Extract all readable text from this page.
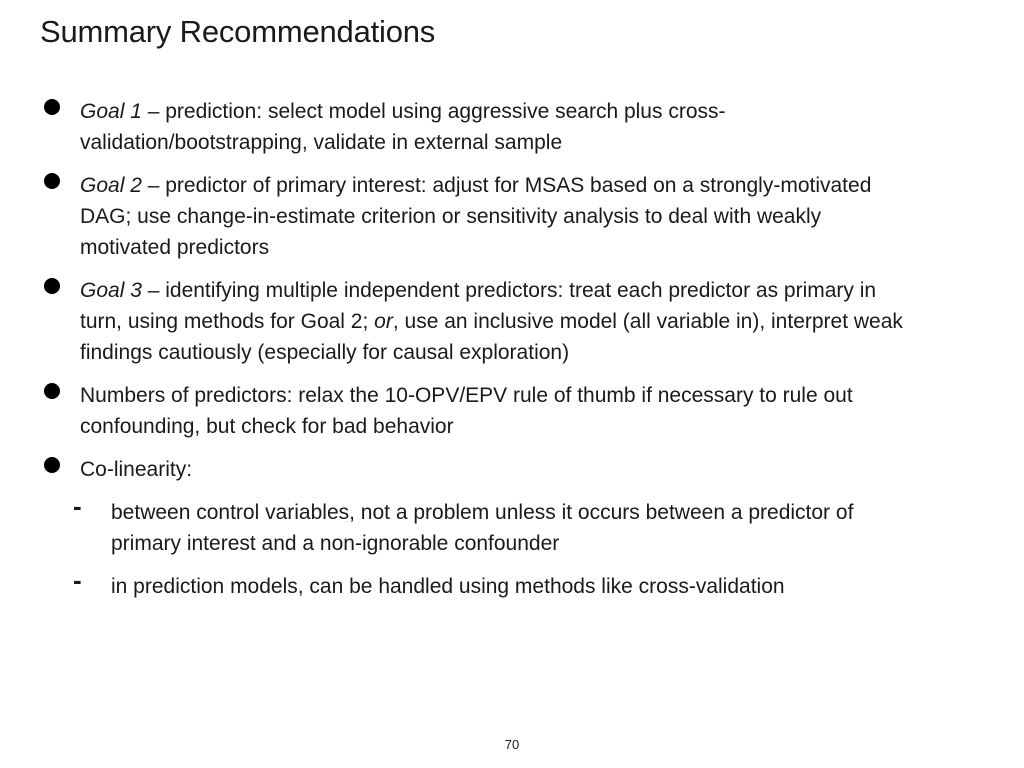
Summary Recommendations
Goal 1 – prediction: select model using aggressive search plus cross-validation/bootstrapping, validate in external sample
Goal 2 – predictor of primary interest: adjust for MSAS based on a strongly-motivated DAG; use change-in-estimate criterion or sensitivity analysis to deal with weakly motivated predictors
Goal 3 – identifying multiple independent predictors: treat each predictor as primary in turn, using methods for Goal 2; or, use an inclusive model (all variable in), interpret weak findings cautiously (especially for causal exploration)
Numbers of predictors: relax the 10-OPV/EPV rule of thumb if necessary to rule out confounding, but check for bad behavior
Co-linearity:
- between control variables, not a problem unless it occurs between a predictor of primary interest and a non-ignorable confounder
- in prediction models, can be handled using methods like cross-validation
70
